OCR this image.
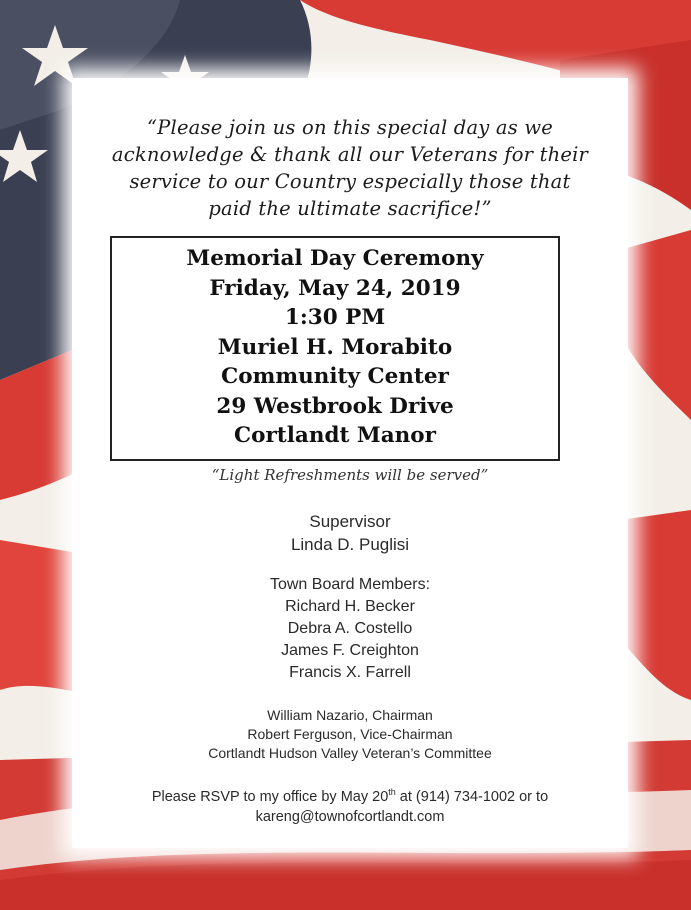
“Please join us on this special day as we
acknowledge & thank all our Veterans for their
service to our Country especially those that
paid the ultimate sacrifice!”
Memorial Day Ceremony
Friday, May 24, 2019
1:30 PM
Muriel H. Morabito
Community Center
29 Westbrook Drive
Cortlandt Manor
“Light Refreshments will be served”
Supervisor
Linda D. Puglisi
Town Board Members:
Richard H. Becker
Debra A. Costello
James F. Creighton
Francis X. Farrell
William Nazario, Chairman
Robert Ferguson, Vice-Chairman
Cortlandt Hudson Valley Veteran’s Committee
Please RSVP to my office by May 20th at (914) 734-1002 or to
kareng@townofcortlandt.com
